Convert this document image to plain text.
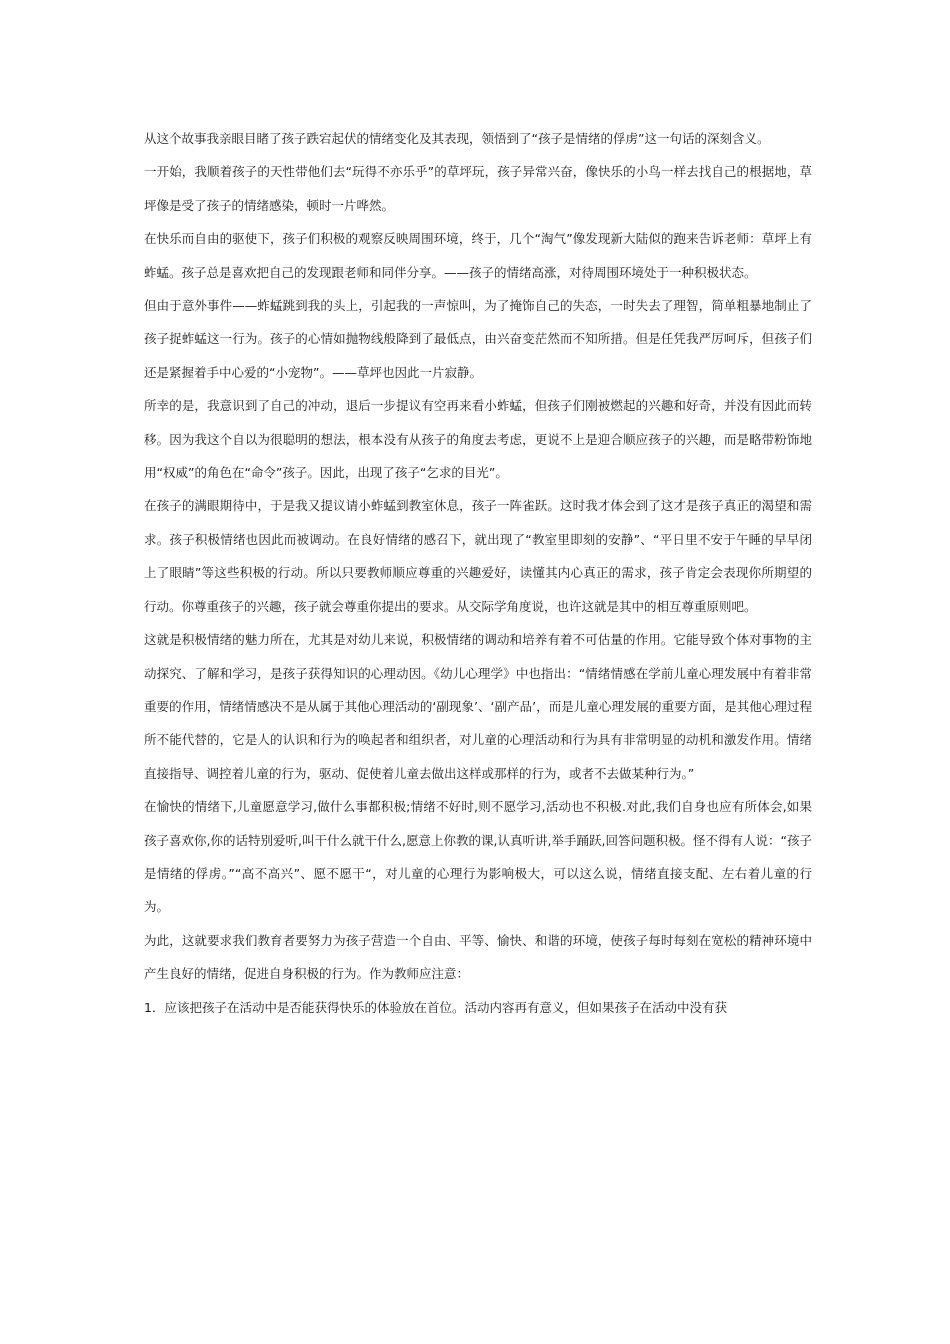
从这个故事我亲眼目睹了孩子跌宕起伏的情绪变化及其表现，领悟到了“孩子是情绪的俘虏”这一句话的深刻含义。

一开始，我顺着孩子的天性带他们去“玩得不亦乐乎”的草坪玩，孩子异常兴奋，像快乐的小鸟一样去找自己的根据地，草坪像是受了孩子的情绪感染，顿时一片哗然。

在快乐而自由的驱使下，孩子们积极的观察反映周围环境，终于，几个“淘气”像发现新大陆似的跑来告诉老师：草坪上有蚱蜢。孩子总是喜欢把自己的发现跟老师和同伴分享。——孩子的情绪高涨，对待周围环境处于一种积极状态。

但由于意外事件——蚱蜢跳到我的头上，引起我的一声惊叫，为了掩饰自己的失态，一时失去了理智，简单粗暴地制止了孩子捉蚱蜢这一行为。孩子的心情如抛物线般降到了最低点，由兴奋变茫然而不知所措。但是任凭我严厉呵斥，但孩子们还是紧握着手中心爱的“小宠物”。——草坪也因此一片寂静。

所幸的是，我意识到了自己的冲动，退后一步提议有空再来看小蚱蜢，但孩子们刚被燃起的兴趣和好奇，并没有因此而转移。因为我这个自以为很聪明的想法，根本没有从孩子的角度去考虑，更说不上是迎合顺应孩子的兴趣，而是略带粉饰地用“权威”的角色在“命令”孩子。因此，出现了孩子“乞求的目光”。

在孩子的满眼期待中，于是我又提议请小蚱蜢到教室休息，孩子一阵雀跃。这时我才体会到了这才是孩子真正的渴望和需求。孩子积极情绪也因此而被调动。在良好情绪的感召下，就出现了“教室里即刻的安静”、“平日里不安于午睡的早早闭上了眼睛”等这些积极的行动。所以只要教师顺应尊重的兴趣爱好，读懂其内心真正的需求，孩子肯定会表现你所期望的行动。你尊重孩子的兴趣，孩子就会尊重你提出的要求。从交际学角度说，也许这就是其中的相互尊重原则吧。

这就是积极情绪的魅力所在，尤其是对幼儿来说，积极情绪的调动和培养有着不可估量的作用。它能导致个体对事物的主动探究、了解和学习，是孩子获得知识的心理动因。《幼儿心理学》中也指出：“情绪情感在学前儿童心理发展中有着非常重要的作用，情绪情感决不是从属于其他心理活动的‘副现象’、‘副产品’，而是儿童心理发展的重要方面，是其他心理过程所不能代替的，它是人的认识和行为的唤起者和组织者，对儿童的心理活动和行为具有非常明显的动机和激发作用。情绪直接指导、调控着儿童的行为，驱动、促使着儿童去做出这样或那样的行为，或者不去做某种行为。”

在愉快的情绪下,儿童愿意学习,做什么事都积极;情绪不好时,则不愿学习,活动也不积极.对此,我们自身也应有所体会,如果孩子喜欢你,你的话特别爱听,叫干什么就干什么,愿意上你教的课,认真听讲,举手踊跃,回答问题积极。怪不得有人说：“孩子是情绪的俘虏。”“高不高兴”、愿不愿干“，对儿童的心理行为影响极大，可以这么说，情绪直接支配、左右着儿童的行为。

为此，这就要求我们教育者要努力为孩子营造一个自由、平等、愉快、和谐的环境，使孩子每时每刻在宽松的精神环境中产生良好的情绪，促进自身积极的行为。作为教师应注意：

1．应该把孩子在活动中是否能获得快乐的体验放在首位。活动内容再有意义，但如果孩子在活动中没有获
